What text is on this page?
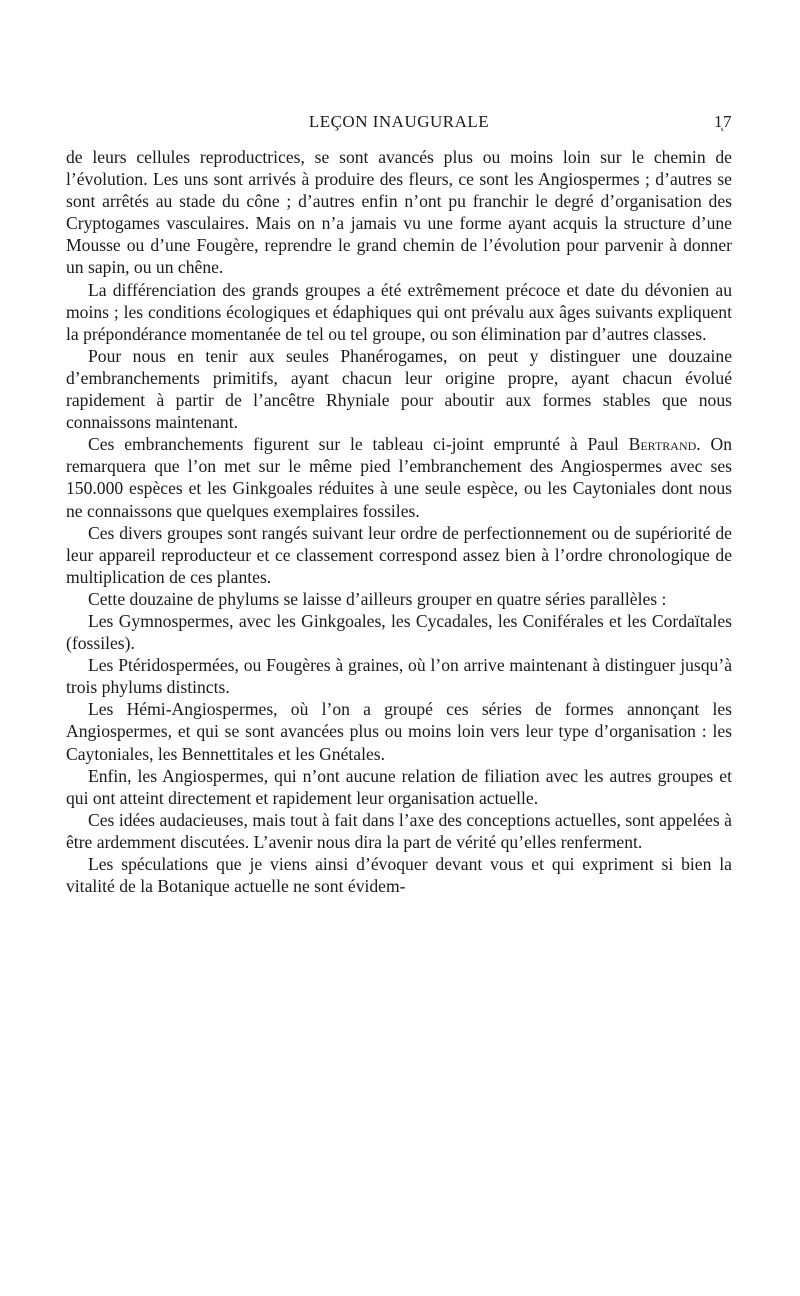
LEÇON INAUGURALE	1ͅ7

de leurs cellules reproductrices, se sont avancés plus ou moins loin sur le chemin de l’évolution. Les uns sont arrivés à produire des fleurs, ce sont les Angiospermes ; d’autres se sont arrêtés au stade du cône ; d’autres enfin n’ont pu franchir le degré d’organisation des Cryptogames vasculaires. Mais on n’a jamais vu une forme ayant acquis la structure d’une Mousse ou d’une Fougère, reprendre le grand chemin de l’évolution pour parvenir à donner un sapin, ou un chêne.

La différenciation des grands groupes a été extrêmement précoce et date du dévonien au moins ; les conditions écologiques et édaphiques qui ont prévalu aux âges suivants expliquent la prépondérance momentanée de tel ou tel groupe, ou son élimination par d’autres classes.

Pour nous en tenir aux seules Phanérogames, on peut y distinguer une douzaine d’embranchements primitifs, ayant chacun leur origine propre, ayant chacun évolué rapidement à partir de l’ancêtre Rhyniale pour aboutir aux formes stables que nous connaissons maintenant.

Ces embranchements figurent sur le tableau ci-joint emprunté à Paul Bertrand. On remarquera que l’on met sur le même pied l’embranchement des Angiospermes avec ses 150.000 espèces et les Ginkgoales réduites à une seule espèce, ou les Caytoniales dont nous ne connaissons que quelques exemplaires fossiles.

Ces divers groupes sont rangés suivant leur ordre de perfectionnement ou de supériorité de leur appareil reproducteur et ce classement correspond assez bien à l’ordre chronologique de multiplication de ces plantes.

Cette douzaine de phylums se laisse d’ailleurs grouper en quatre séries parallèles :

Les Gymnospermes, avec les Ginkgoales, les Cycadales, les Coniférales et les Cordaïtales (fossiles).

Les Ptéridospermées, ou Fougères à graines, où l’on arrive maintenant à distinguer jusqu’à trois phylums distincts.

Les Hémi-Angiospermes, où l’on a groupé ces séries de formes annonçant les Angiospermes, et qui se sont avancées plus ou moins loin vers leur type d’organisation : les Caytoniales, les Bennettitales et les Gnétales.

Enfin, les Angiospermes, qui n’ont aucune relation de filiation avec les autres groupes et qui ont atteint directement et rapidement leur organisation actuelle.

Ces idées audacieuses, mais tout à fait dans l’axe des conceptions actuelles, sont appelées à être ardemment discutées. L’avenir nous dira la part de vérité qu’elles renferment.

Les spéculations que je viens ainsi d’évoquer devant vous et qui expriment si bien la vitalité de la Botanique actuelle ne sont évidem-
